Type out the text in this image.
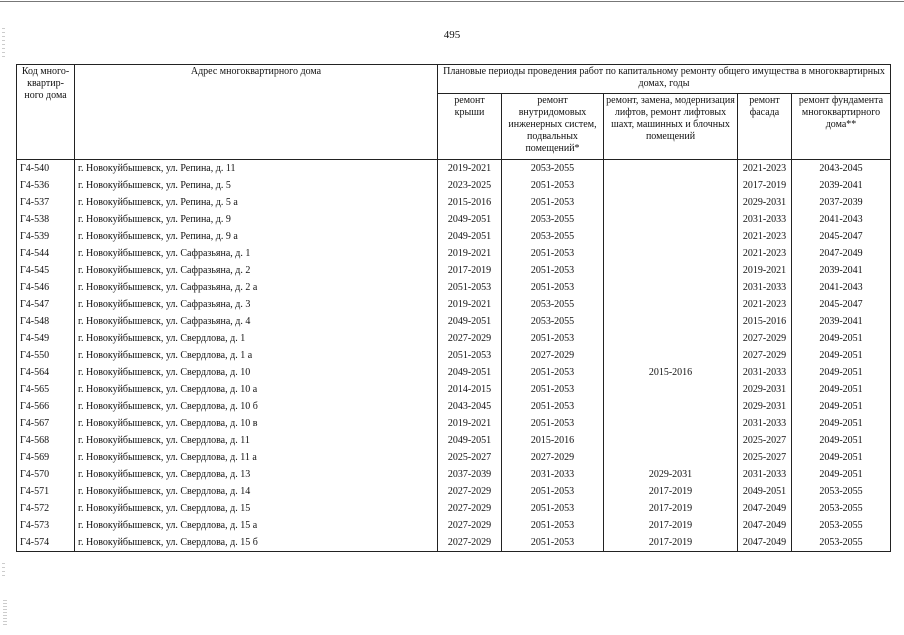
495
Код много-квартир-ного дома	Адрес многоквартирного дома	Плановые периоды проведения работ по капитальному ремонту общего имущества в многоквартирных домах, годы				
		ремонт крыши	ремонт внутридомовых инженерных систем, подвальных помещений*	ремонт, замена, модернизация лифтов, ремонт лифтовых шахт, машинных и блочных помещений	ремонт фасада	ремонт фундамента многоквартирного дома**
Г4-540	г. Новокуйбышевск, ул. Репина, д. 11	2019-2021	2053-2055		2021-2023	2043-2045
Г4-536	г. Новокуйбышевск, ул. Репина, д. 5	2023-2025	2051-2053		2017-2019	2039-2041
Г4-537	г. Новокуйбышевск, ул. Репина, д. 5 а	2015-2016	2051-2053		2029-2031	2037-2039
Г4-538	г. Новокуйбышевск, ул. Репина, д. 9	2049-2051	2053-2055		2031-2033	2041-2043
Г4-539	г. Новокуйбышевск, ул. Репина, д. 9 а	2049-2051	2053-2055		2021-2023	2045-2047
Г4-544	г. Новокуйбышевск, ул. Сафразьяна, д. 1	2019-2021	2051-2053		2021-2023	2047-2049
Г4-545	г. Новокуйбышевск, ул. Сафразьяна, д. 2	2017-2019	2051-2053		2019-2021	2039-2041
Г4-546	г. Новокуйбышевск, ул. Сафразьяна, д. 2 а	2051-2053	2051-2053		2031-2033	2041-2043
Г4-547	г. Новокуйбышевск, ул. Сафразьяна, д. 3	2019-2021	2053-2055		2021-2023	2045-2047
Г4-548	г. Новокуйбышевск, ул. Сафразьяна, д. 4	2049-2051	2053-2055		2015-2016	2039-2041
Г4-549	г. Новокуйбышевск, ул. Свердлова, д. 1	2027-2029	2051-2053		2027-2029	2049-2051
Г4-550	г. Новокуйбышевск, ул. Свердлова, д. 1 а	2051-2053	2027-2029		2027-2029	2049-2051
Г4-564	г. Новокуйбышевск, ул. Свердлова, д. 10	2049-2051	2051-2053	2015-2016	2031-2033	2049-2051
Г4-565	г. Новокуйбышевск, ул. Свердлова, д. 10 а	2014-2015	2051-2053		2029-2031	2049-2051
Г4-566	г. Новокуйбышевск, ул. Свердлова, д. 10 б	2043-2045	2051-2053		2029-2031	2049-2051
Г4-567	г. Новокуйбышевск, ул. Свердлова, д. 10 в	2019-2021	2051-2053		2031-2033	2049-2051
Г4-568	г. Новокуйбышевск, ул. Свердлова, д. 11	2049-2051	2015-2016		2025-2027	2049-2051
Г4-569	г. Новокуйбышевск, ул. Свердлова, д. 11 а	2025-2027	2027-2029		2025-2027	2049-2051
Г4-570	г. Новокуйбышевск, ул. Свердлова, д. 13	2037-2039	2031-2033	2029-2031	2031-2033	2049-2051
Г4-571	г. Новокуйбышевск, ул. Свердлова, д. 14	2027-2029	2051-2053	2017-2019	2049-2051	2053-2055
Г4-572	г. Новокуйбышевск, ул. Свердлова, д. 15	2027-2029	2051-2053	2017-2019	2047-2049	2053-2055
Г4-573	г. Новокуйбышевск, ул. Свердлова, д. 15 а	2027-2029	2051-2053	2017-2019	2047-2049	2053-2055
Г4-574	г. Новокуйбышевск, ул. Свердлова, д. 15 б	2027-2029	2051-2053	2017-2019	2047-2049	2053-2055
